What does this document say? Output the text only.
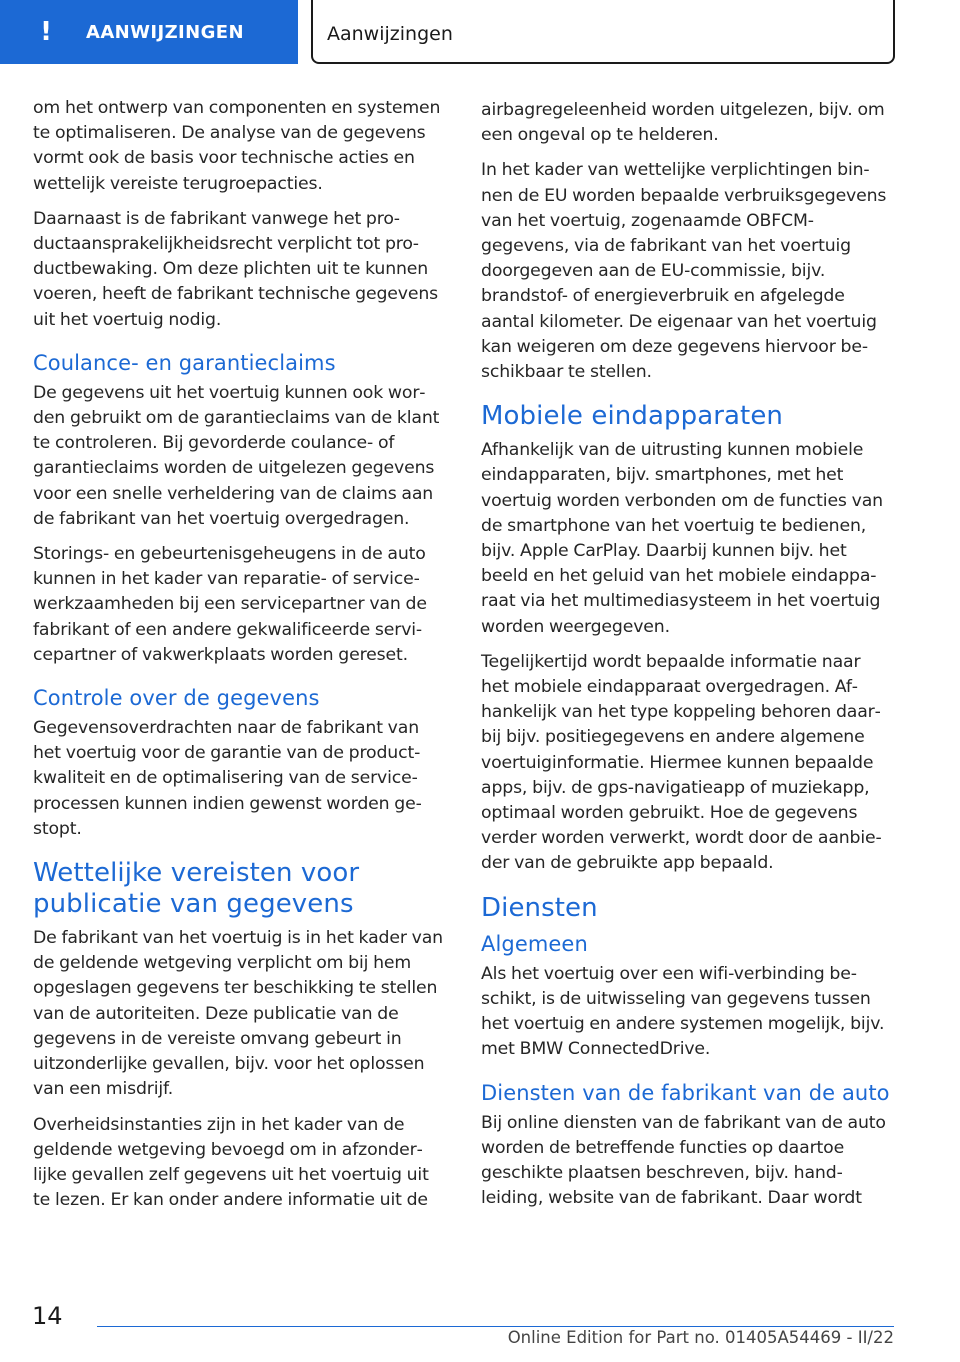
! AANWIJZINGEN	Aanwijzingen

om het ontwerp van componenten en systemen te optimaliseren. De analyse van de gegevens vormt ook de basis voor technische acties en wettelijk vereiste terugroepacties.

Daarnaast is de fabrikant vanwege het productaansprakelijkheidsrecht verplicht tot productbewaking. Om deze plichten uit te kunnen voeren, heeft de fabrikant technische gegevens uit het voertuig nodig.

Coulance- en garantieclaims

De gegevens uit het voertuig kunnen ook worden gebruikt om de garantieclaims van de klant te controleren. Bij gevorderde coulance- of garantieclaims worden de uitgelezen gegevens voor een snelle verheldering van de claims aan de fabrikant van het voertuig overgedragen.

Storings- en gebeurtenisgeheugens in de auto kunnen in het kader van reparatie- of servicewerkzaamheden bij een servicepartner van de fabrikant of een andere gekwalificeerde servicepartner of vakwerkplaats worden gereset.

Controle over de gegevens

Gegevensoverdrachten naar de fabrikant van het voertuig voor de garantie van de productkwaliteit en de optimalisering van de serviceprocessen kunnen indien gewenst worden gestopt.

Wettelijke vereisten voor publicatie van gegevens

De fabrikant van het voertuig is in het kader van de geldende wetgeving verplicht om bij hem opgeslagen gegevens ter beschikking te stellen van de autoriteiten. Deze publicatie van de gegevens in de vereiste omvang gebeurt in uitzonderlijke gevallen, bijv. voor het oplossen van een misdrijf.

Overheidsinstanties zijn in het kader van de geldende wetgeving bevoegd om in afzonderlijke gevallen zelf gegevens uit het voertuig uit te lezen. Er kan onder andere informatie uit de

airbagregeleenheid worden uitgelezen, bijv. om een ongeval op te helderen.

In het kader van wettelijke verplichtingen binnen de EU worden bepaalde verbruiksgegevens van het voertuig, zogenaamde OBFCM-gegevens, via de fabrikant van het voertuig doorgegeven aan de EU-commissie, bijv. brandstof- of energieverbruik en afgelegde aantal kilometer. De eigenaar van het voertuig kan weigeren om deze gegevens hiervoor beschikbaar te stellen.

Mobiele eindapparaten

Afhankelijk van de uitrusting kunnen mobiele eindapparaten, bijv. smartphones, met het voertuig worden verbonden om de functies van de smartphone van het voertuig te bedienen, bijv. Apple CarPlay. Daarbij kunnen bijv. het beeld en het geluid van het mobiele eindapparaat via het multimediasysteem in het voertuig worden weergegeven.

Tegelijkertijd wordt bepaalde informatie naar het mobiele eindapparaat overgedragen. Afhankelijk van het type koppeling behoren daarbij bijv. positiegegevens en andere algemene voertuiginformatie. Hiermee kunnen bepaalde apps, bijv. de gps-navigatieapp of muziekapp, optimaal worden gebruikt. Hoe de gegevens verder worden verwerkt, wordt door de aanbieder van de gebruikte app bepaald.

Diensten
Algemeen

Als het voertuig over een wifi-verbinding beschikt, is de uitwisseling van gegevens tussen het voertuig en andere systemen mogelijk, bijv. met BMW ConnectedDrive.

Diensten van de fabrikant van de auto

Bij online diensten van de fabrikant van de auto worden de betreffende functies op daartoe geschikte plaatsen beschreven, bijv. handleiding, website van de fabrikant. Daar wordt

14
Online Edition for Part no. 01405A54469 - II/22
